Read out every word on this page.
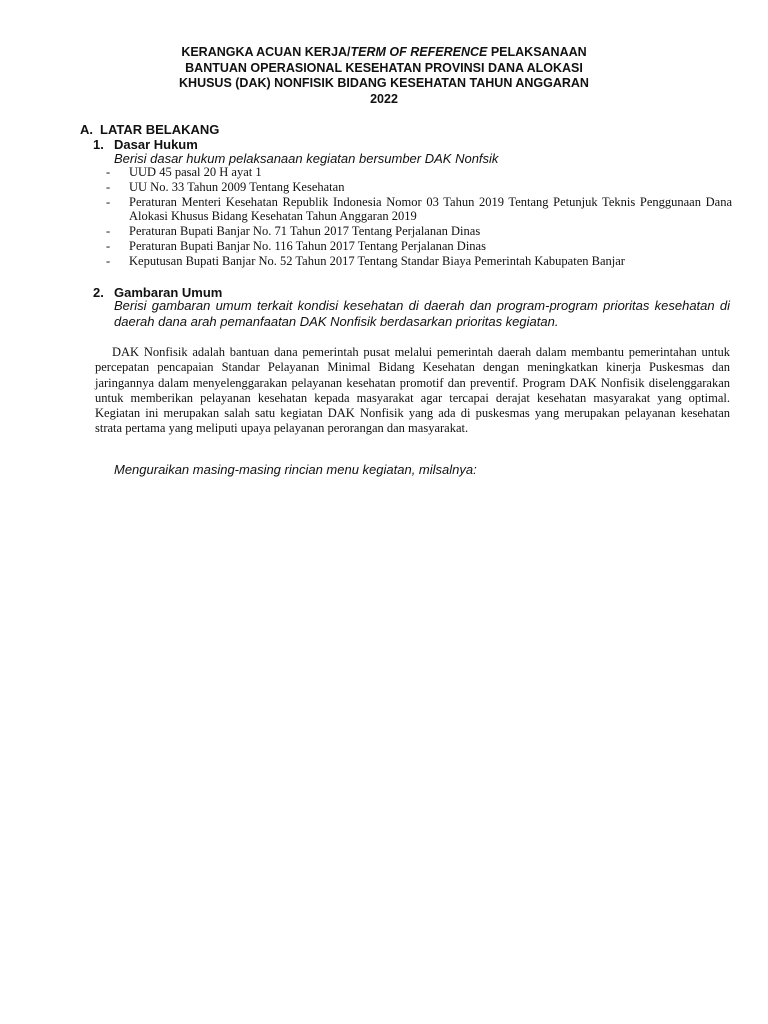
KERANGKA ACUAN KERJA/TERM OF REFERENCE PELAKSANAAN
BANTUAN OPERASIONAL KESEHATAN PROVINSI DANA ALOKASI
KHUSUS (DAK) NONFISIK BIDANG KESEHATAN TAHUN ANGGARAN
2022
A. LATAR BELAKANG
1. Dasar Hukum
Berisi dasar hukum pelaksanaan kegiatan bersumber DAK Nonfsik
- UUD 45 pasal 20 H ayat 1
- UU No. 33 Tahun 2009 Tentang Kesehatan
- Peraturan Menteri Kesehatan Republik Indonesia Nomor 03 Tahun 2019 Tentang Petunjuk Teknis Penggunaan Dana Alokasi Khusus Bidang Kesehatan Tahun Anggaran 2019
- Peraturan Bupati Banjar No. 71 Tahun 2017 Tentang Perjalanan Dinas
- Peraturan Bupati Banjar No. 116 Tahun 2017 Tentang Perjalanan Dinas
- Keputusan Bupati Banjar No. 52 Tahun 2017 Tentang Standar Biaya Pemerintah Kabupaten Banjar
2. Gambaran Umum
Berisi gambaran umum terkait kondisi kesehatan di daerah dan program-program prioritas kesehatan di daerah dana arah pemanfaatan DAK Nonfisik berdasarkan prioritas kegiatan.

DAK Nonfisik adalah bantuan dana pemerintah pusat melalui pemerintah daerah dalam membantu pemerintahan untuk percepatan pencapaian Standar Pelayanan Minimal Bidang Kesehatan dengan meningkatkan kinerja Puskesmas dan jaringannya dalam menyelenggarakan pelayanan kesehatan promotif dan preventif. Program DAK Nonfisik diselenggarakan untuk memberikan pelayanan kesehatan kepada masyarakat agar tercapai derajat kesehatan masyarakat yang optimal. Kegiatan ini merupakan salah satu kegiatan DAK Nonfisik yang ada di puskesmas yang merupakan pelayanan kesehatan strata pertama yang meliputi upaya pelayanan perorangan dan masyarakat.

Menguraikan masing-masing rincian menu kegiatan, milsalnya:
